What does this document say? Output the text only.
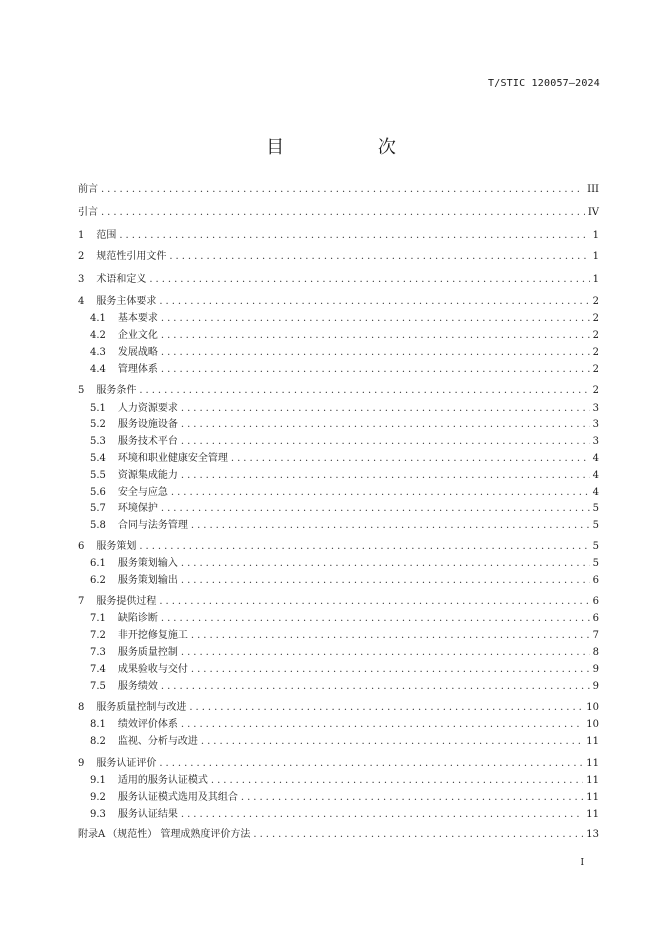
T/STIC 120057—2024
目 次
前言 .....	III
引言 .....	IV
1 范围 .....	1
2 规范性引用文件 .....	1
3 术语和定义 .....	1
4 服务主体要求 .....	2
4.1 基本要求 .....	2
4.2 企业文化 .....	2
4.3 发展战略 .....	2
4.4 管理体系 .....	2
5 服务条件 .....	2
5.1 人力资源要求 .....	3
5.2 服务设施设备 .....	3
5.3 服务技术平台 .....	3
5.4 环境和职业健康安全管理 .....	4
5.5 资源集成能力 .....	4
5.6 安全与应急 .....	4
5.7 环境保护 .....	5
5.8 合同与法务管理 .....	5
6 服务策划 .....	5
6.1 服务策划输入 .....	5
6.2 服务策划输出 .....	6
7 服务提供过程 .....	6
7.1 缺陷诊断 .....	6
7.2 非开挖修复施工 .....	7
7.3 服务质量控制 .....	8
7.4 成果验收与交付 .....	9
7.5 服务绩效 .....	9
8 服务质量控制与改进 .....	10
8.1 绩效评价体系 .....	10
8.2 监视、分析与改进 .....	11
9 服务认证评价 .....	11
9.1 适用的服务认证模式 .....	11
9.2 服务认证模式选用及其组合 .....	11
9.3 服务认证结果 .....	11
附录A （规范性） 管理成熟度评价方法 .....	13
I
